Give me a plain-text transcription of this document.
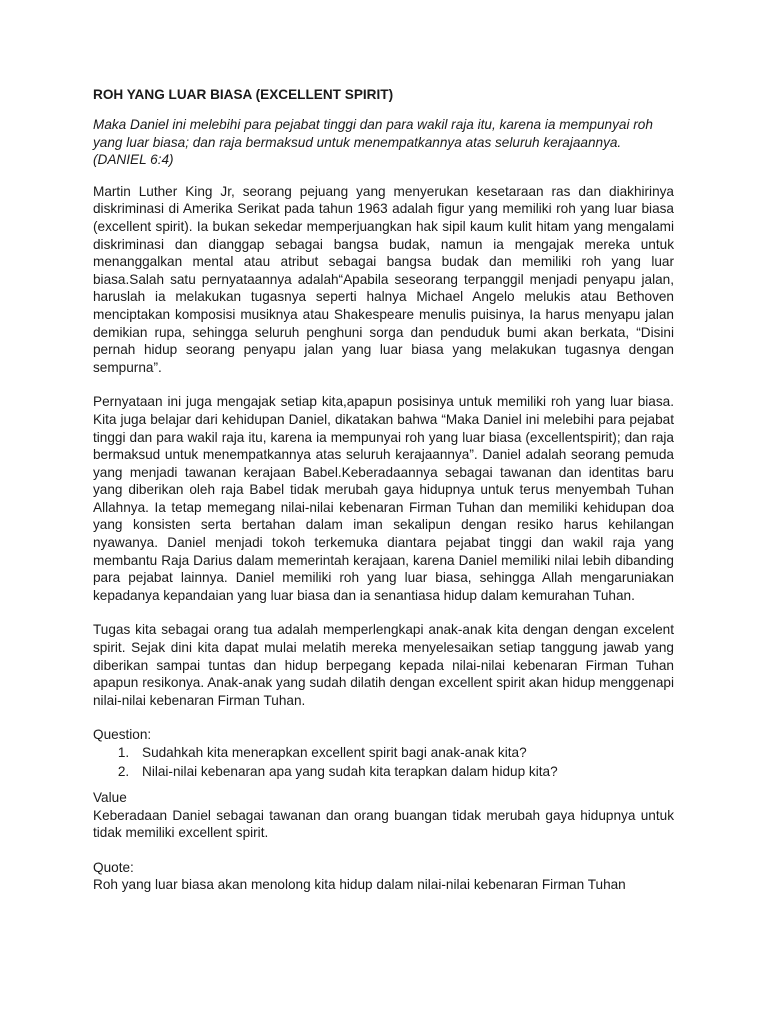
ROH YANG LUAR BIASA (EXCELLENT SPIRIT)

Maka Daniel ini melebihi para pejabat tinggi dan para wakil raja itu, karena ia mempunyai roh yang luar biasa; dan raja bermaksud untuk menempatkannya atas seluruh kerajaannya. (DANIEL 6:4)

Martin Luther King Jr, seorang pejuang yang menyerukan kesetaraan ras dan diakhirinya diskriminasi di Amerika Serikat pada tahun 1963 adalah figur yang memiliki roh yang luar biasa (excellent spirit). Ia bukan sekedar memperjuangkan hak sipil kaum kulit hitam yang mengalami diskriminasi dan dianggap sebagai bangsa budak, namun ia mengajak mereka untuk menanggalkan mental atau atribut sebagai bangsa budak dan memiliki roh yang luar biasa.Salah satu pernyataannya adalah“Apabila seseorang terpanggil menjadi penyapu jalan, haruslah ia melakukan tugasnya seperti halnya Michael Angelo melukis atau Bethoven menciptakan komposisi musiknya atau Shakespeare menulis puisinya, Ia harus menyapu jalan demikian rupa, sehingga seluruh penghuni sorga dan penduduk bumi akan berkata, “Disini pernah hidup seorang penyapu jalan yang luar biasa yang melakukan tugasnya dengan sempurna”.

Pernyataan ini juga mengajak setiap kita,apapun posisinya untuk memiliki roh yang luar biasa. Kita juga belajar dari kehidupan Daniel, dikatakan bahwa “Maka Daniel ini melebihi para pejabat tinggi dan para wakil raja itu, karena ia mempunyai roh yang luar biasa (excellentspirit); dan raja bermaksud untuk menempatkannya atas seluruh kerajaannya”. Daniel adalah seorang pemuda yang menjadi tawanan kerajaan Babel.Keberadaannya sebagai tawanan dan identitas baru yang diberikan oleh raja Babel tidak merubah gaya hidupnya untuk terus menyembah Tuhan Allahnya. Ia tetap memegang nilai-nilai kebenaran Firman Tuhan dan memiliki kehidupan doa yang konsisten serta bertahan dalam iman sekalipun dengan resiko harus kehilangan nyawanya. Daniel menjadi tokoh terkemuka diantara pejabat tinggi dan wakil raja yang membantu Raja Darius dalam memerintah kerajaan, karena Daniel memiliki nilai lebih dibanding para pejabat lainnya. Daniel memiliki roh yang luar biasa, sehingga Allah mengaruniakan kepadanya kepandaian yang luar biasa dan ia senantiasa hidup dalam kemurahan Tuhan.

Tugas kita sebagai orang tua adalah memperlengkapi anak-anak kita dengan dengan excelent spirit. Sejak dini kita dapat mulai melatih mereka menyelesaikan setiap tanggung jawab yang diberikan sampai tuntas dan hidup berpegang kepada nilai-nilai kebenaran Firman Tuhan apapun resikonya. Anak-anak yang sudah dilatih dengan excellent spirit akan hidup menggenapi nilai-nilai kebenaran Firman Tuhan.

Question:

1. Sudahkah kita menerapkan excellent spirit bagi anak-anak kita?
2. Nilai-nilai kebenaran apa yang sudah kita terapkan dalam hidup kita?

Value

Keberadaan Daniel sebagai tawanan dan orang buangan tidak merubah gaya hidupnya untuk tidak memiliki excellent spirit.

Quote:

Roh yang luar biasa akan menolong kita hidup dalam nilai-nilai kebenaran Firman Tuhan
